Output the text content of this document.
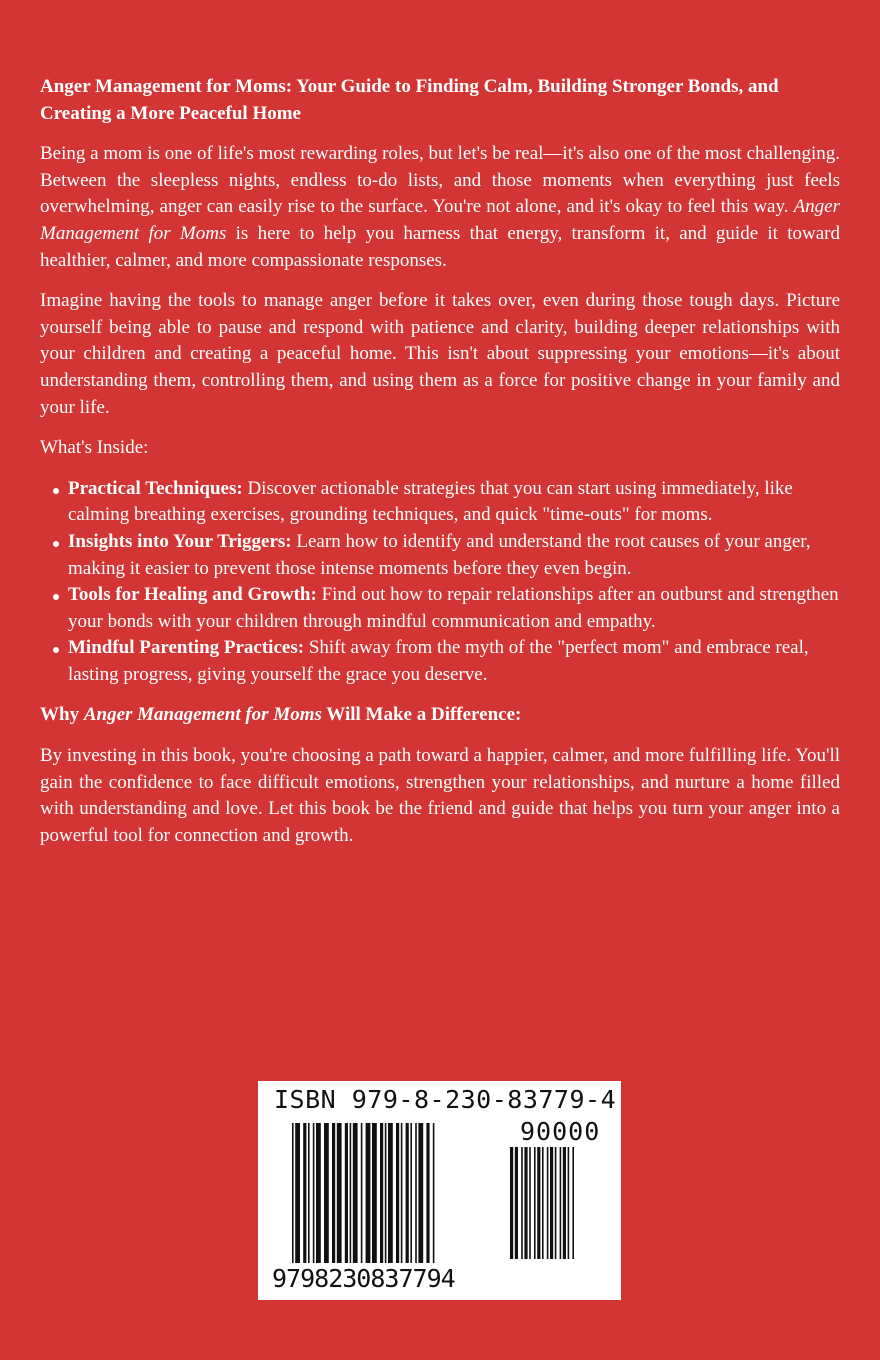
Anger Management for Moms: Your Guide to Finding Calm, Building Stronger Bonds, and Creating a More Peaceful Home

Being a mom is one of life's most rewarding roles, but let's be real—it's also one of the most challenging. Between the sleepless nights, endless to-do lists, and those moments when everything just feels overwhelming, anger can easily rise to the surface. You're not alone, and it's okay to feel this way. Anger Management for Moms is here to help you harness that energy, transform it, and guide it toward healthier, calmer, and more compassionate responses.

Imagine having the tools to manage anger before it takes over, even during those tough days. Picture yourself being able to pause and respond with patience and clarity, building deeper relationships with your children and creating a peaceful home. This isn't about suppressing your emotions—it's about understanding them, controlling them, and using them as a force for positive change in your family and your life.

What's Inside:
Practical Techniques: Discover actionable strategies that you can start using immediately, like calming breathing exercises, grounding techniques, and quick "time-outs" for moms.
Insights into Your Triggers: Learn how to identify and understand the root causes of your anger, making it easier to prevent those intense moments before they even begin.
Tools for Healing and Growth: Find out how to repair relationships after an outburst and strengthen your bonds with your children through mindful communication and empathy.
Mindful Parenting Practices: Shift away from the myth of the "perfect mom" and embrace real, lasting progress, giving yourself the grace you deserve.
Why Anger Management for Moms Will Make a Difference:

By investing in this book, you're choosing a path toward a happier, calmer, and more fulfilling life. You'll gain the confidence to face difficult emotions, strengthen your relationships, and nurture a home filled with understanding and love. Let this book be the friend and guide that helps you turn your anger into a powerful tool for connection and growth.

ISBN 979-8-230-83779-4
90000
9798230837794
